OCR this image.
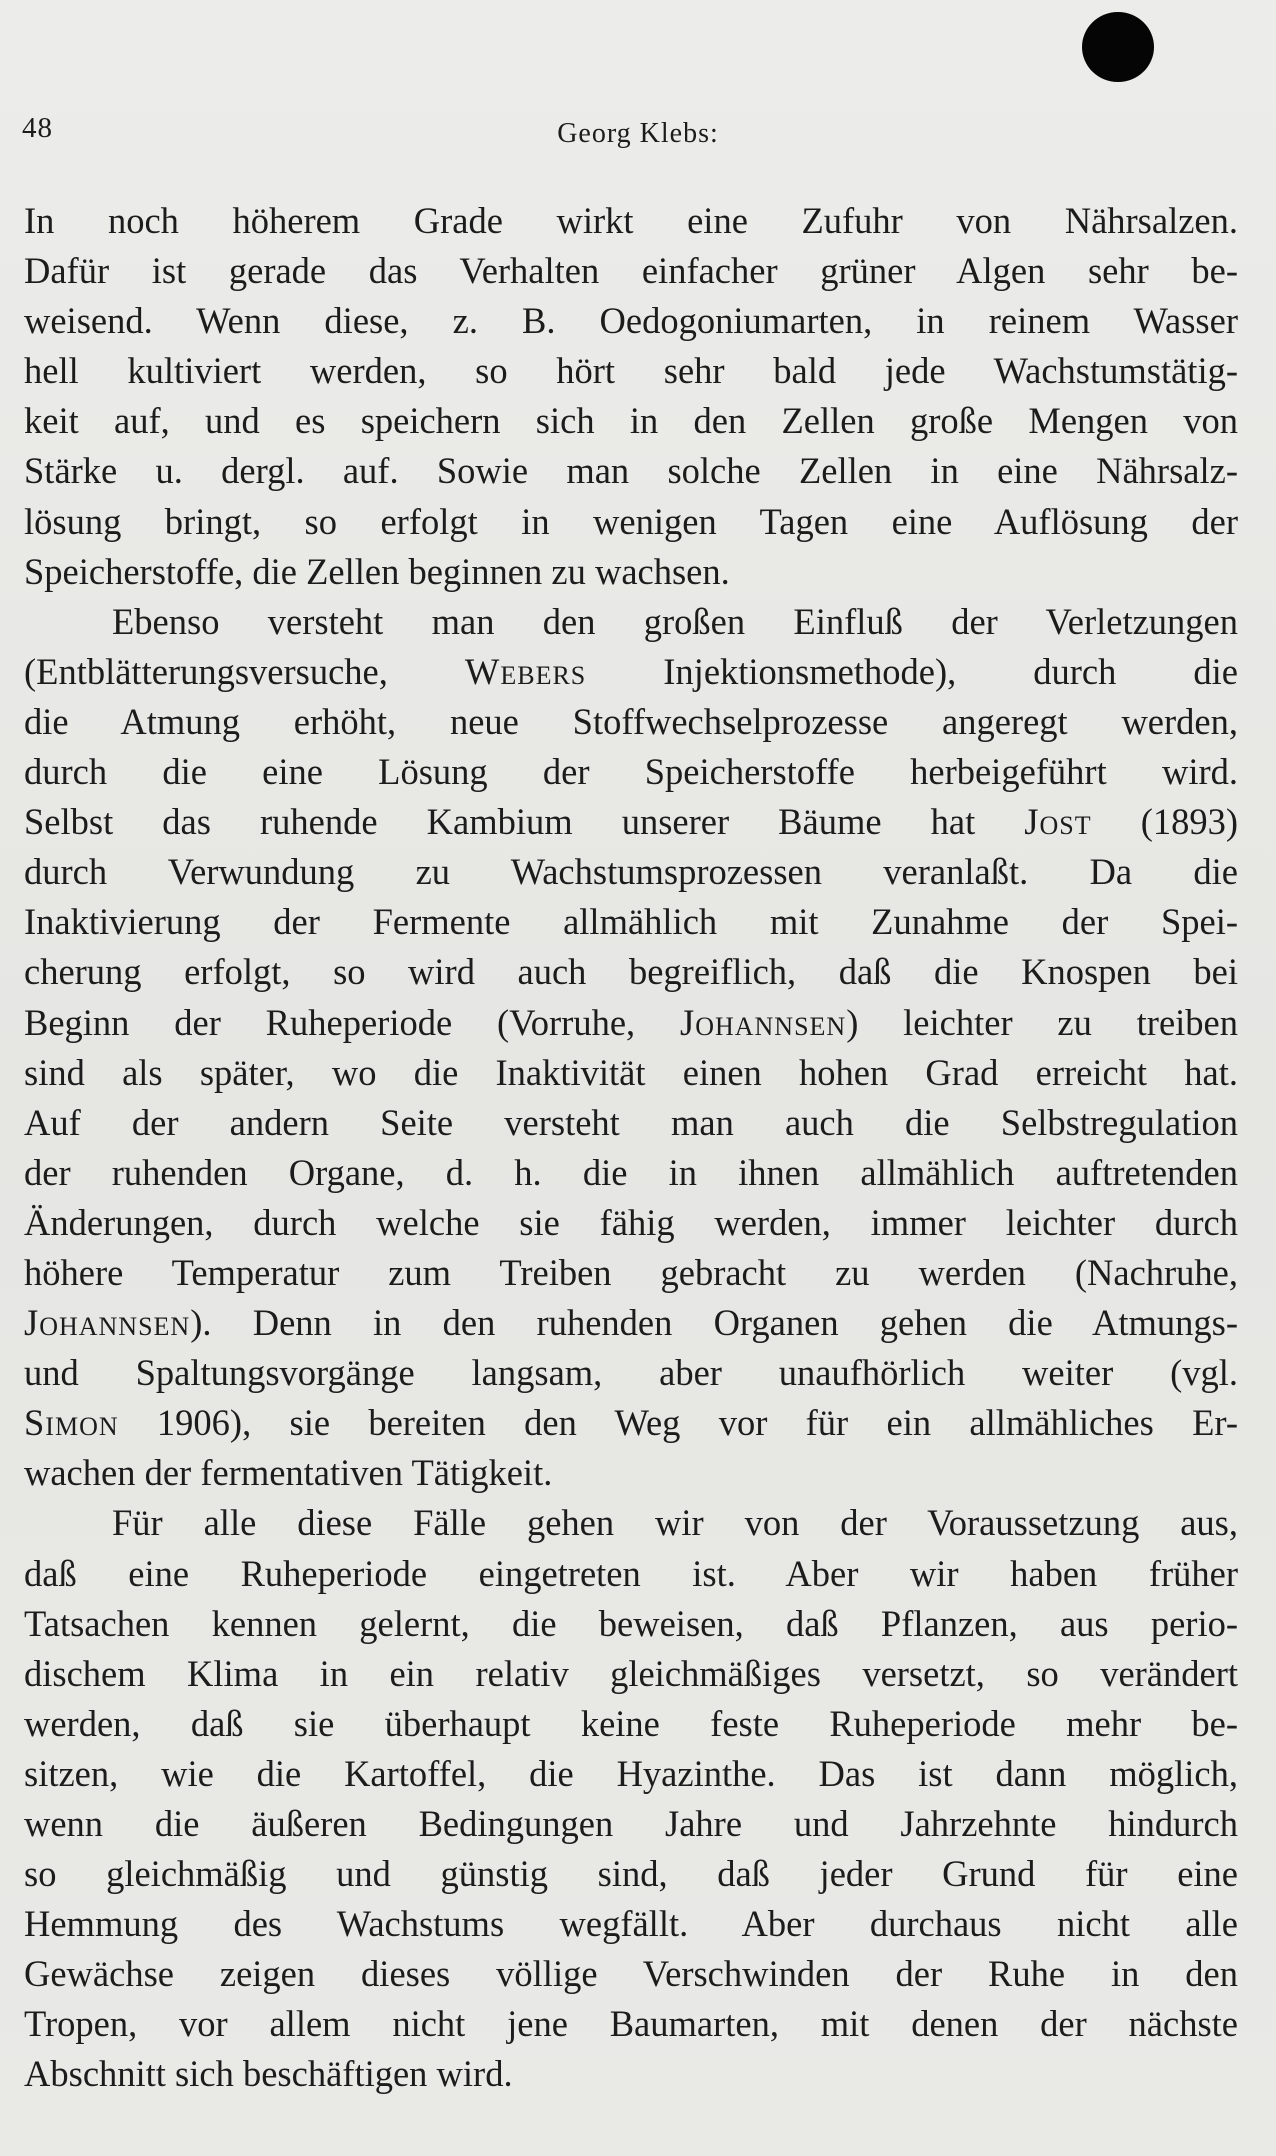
48	Georg Klebs:
In noch höherem Grade wirkt eine Zufuhr von Nährsalzen.
Dafür ist gerade das Verhalten einfacher grüner Algen sehr be-
weisend. Wenn diese, z. B. Oedogoniumarten, in reinem Wasser
hell kultiviert werden, so hört sehr bald jede Wachstumstätig-
keit auf, und es speichern sich in den Zellen große Mengen von
Stärke u. dergl. auf. Sowie man solche Zellen in eine Nährsalz-
lösung bringt, so erfolgt in wenigen Tagen eine Auflösung der
Speicherstoffe, die Zellen beginnen zu wachsen.
Ebenso versteht man den großen Einfluß der Verletzungen
(Entblätterungsversuche, Webers Injektionsmethode), durch die
die Atmung erhöht, neue Stoffwechselprozesse angeregt werden,
durch die eine Lösung der Speicherstoffe herbeigeführt wird.
Selbst das ruhende Kambium unserer Bäume hat Jost (1893)
durch Verwundung zu Wachstumsprozessen veranlaßt. Da die
Inaktivierung der Fermente allmählich mit Zunahme der Spei-
cherung erfolgt, so wird auch begreiflich, daß die Knospen bei
Beginn der Ruheperiode (Vorruhe, Johannsen) leichter zu treiben
sind als später, wo die Inaktivität einen hohen Grad erreicht hat.
Auf der andern Seite versteht man auch die Selbstregulation
der ruhenden Organe, d. h. die in ihnen allmählich auftretenden
Änderungen, durch welche sie fähig werden, immer leichter durch
höhere Temperatur zum Treiben gebracht zu werden (Nachruhe,
Johannsen). Denn in den ruhenden Organen gehen die Atmungs-
und Spaltungsvorgänge langsam, aber unaufhörlich weiter (vgl.
Simon 1906), sie bereiten den Weg vor für ein allmähliches Er-
wachen der fermentativen Tätigkeit.
Für alle diese Fälle gehen wir von der Voraussetzung aus,
daß eine Ruheperiode eingetreten ist. Aber wir haben früher
Tatsachen kennen gelernt, die beweisen, daß Pflanzen, aus perio-
dischem Klima in ein relativ gleichmäßiges versetzt, so verändert
werden, daß sie überhaupt keine feste Ruheperiode mehr be-
sitzen, wie die Kartoffel, die Hyazinthe. Das ist dann möglich,
wenn die äußeren Bedingungen Jahre und Jahrzehnte hindurch
so gleichmäßig und günstig sind, daß jeder Grund für eine
Hemmung des Wachstums wegfällt. Aber durchaus nicht alle
Gewächse zeigen dieses völlige Verschwinden der Ruhe in den
Tropen, vor allem nicht jene Baumarten, mit denen der nächste
Abschnitt sich beschäftigen wird.
